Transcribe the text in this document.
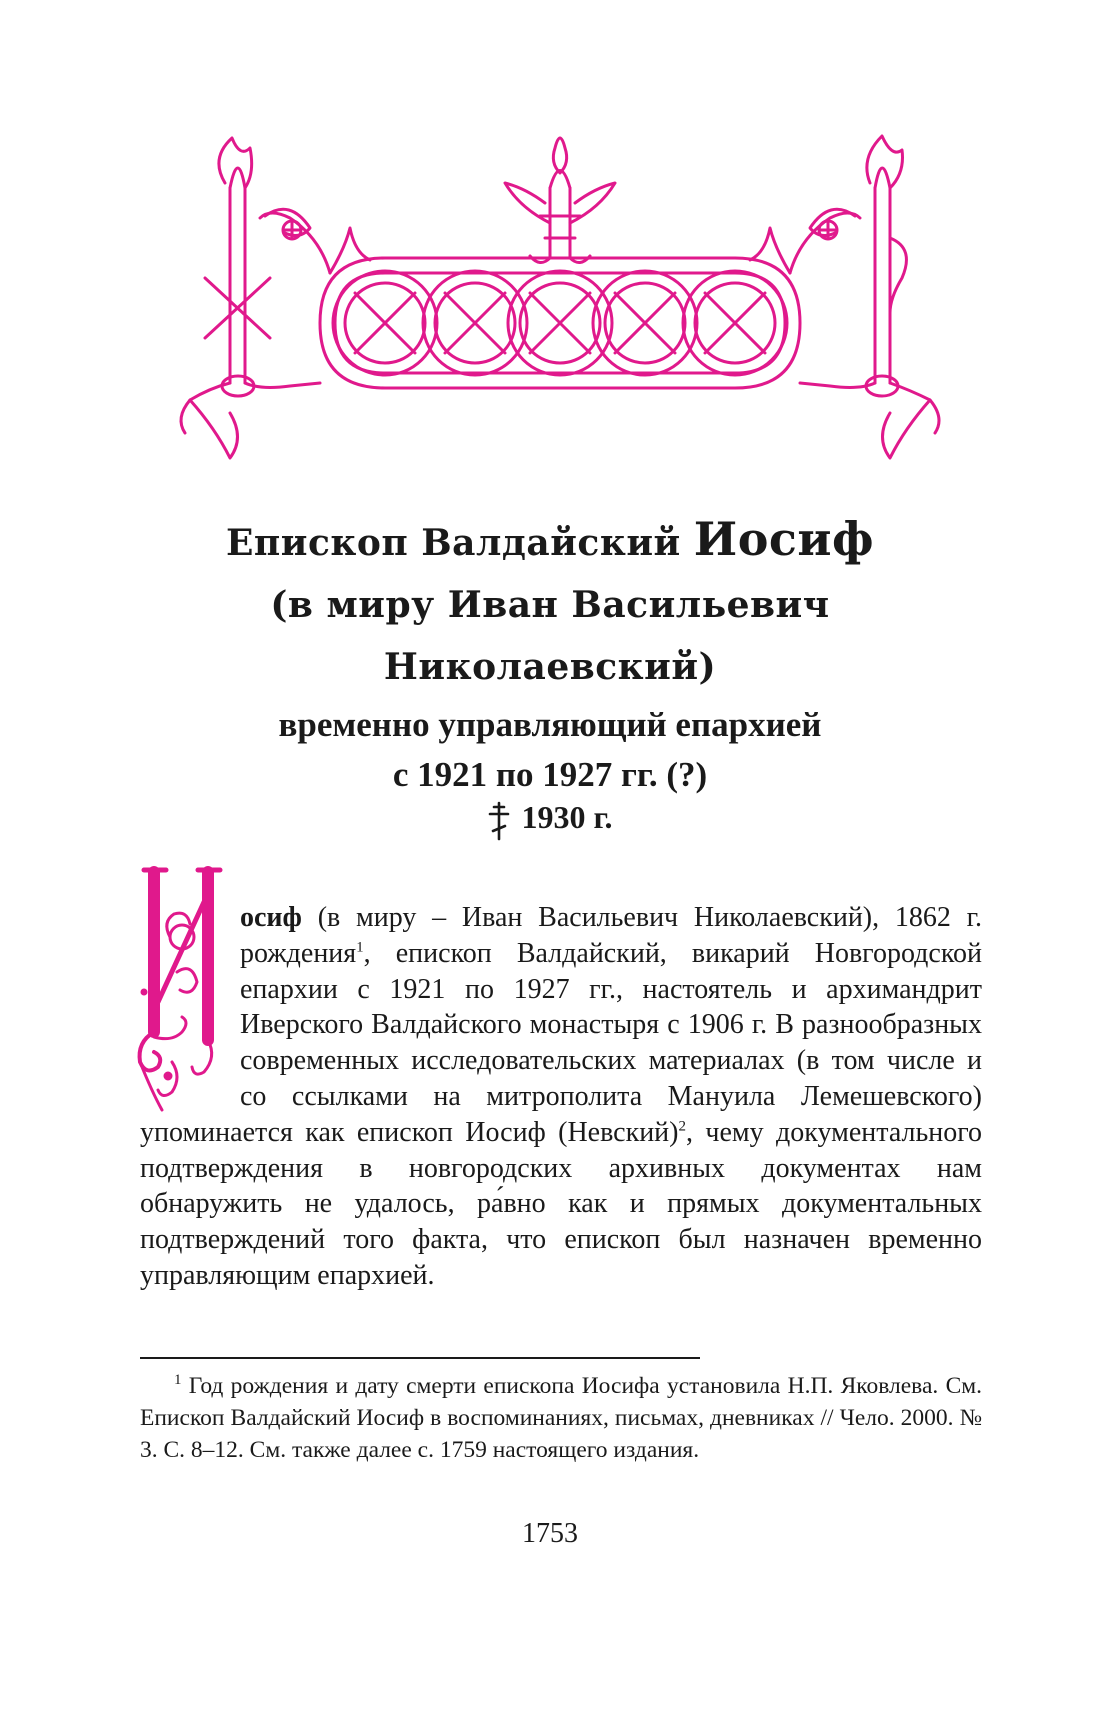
Епископ Валдайский Иосиф
(в миру Иван Васильевич
Николаевский)
временно управляющий епархией
с 1921 по 1927 гг. (?)
1930 г.
осиф (в миру – Иван Васильевич Николаевский), 1862 г. рождения$^1$, епископ Валдайский, викарий Новгородской епархии с 1921 по 1927 гг., настоятель и архимандрит Иверского Валдайского монастыря с 1906 г. В разнообразных современных исследовательских материалах (в том числе и со ссылками на митрополита Мануила Лемешевского) упоминается как епископ Иосиф (Невский)$^2$, чему документального подтверждения в новгородских архивных документах нам обнаружить не удалось, ра́вно как и прямых документальных подтверждений того факта, что епископ был назначен временно управляющим епархией.
$^1$ Год рождения и дату смерти епископа Иосифа установила Н.П. Яковлева. См. Епископ Валдайский Иосиф в воспоминаниях, письмах, дневниках // Чело. 2000. № 3. С. 8–12. См. также далее с. 1759 настоящего издания.
1753
